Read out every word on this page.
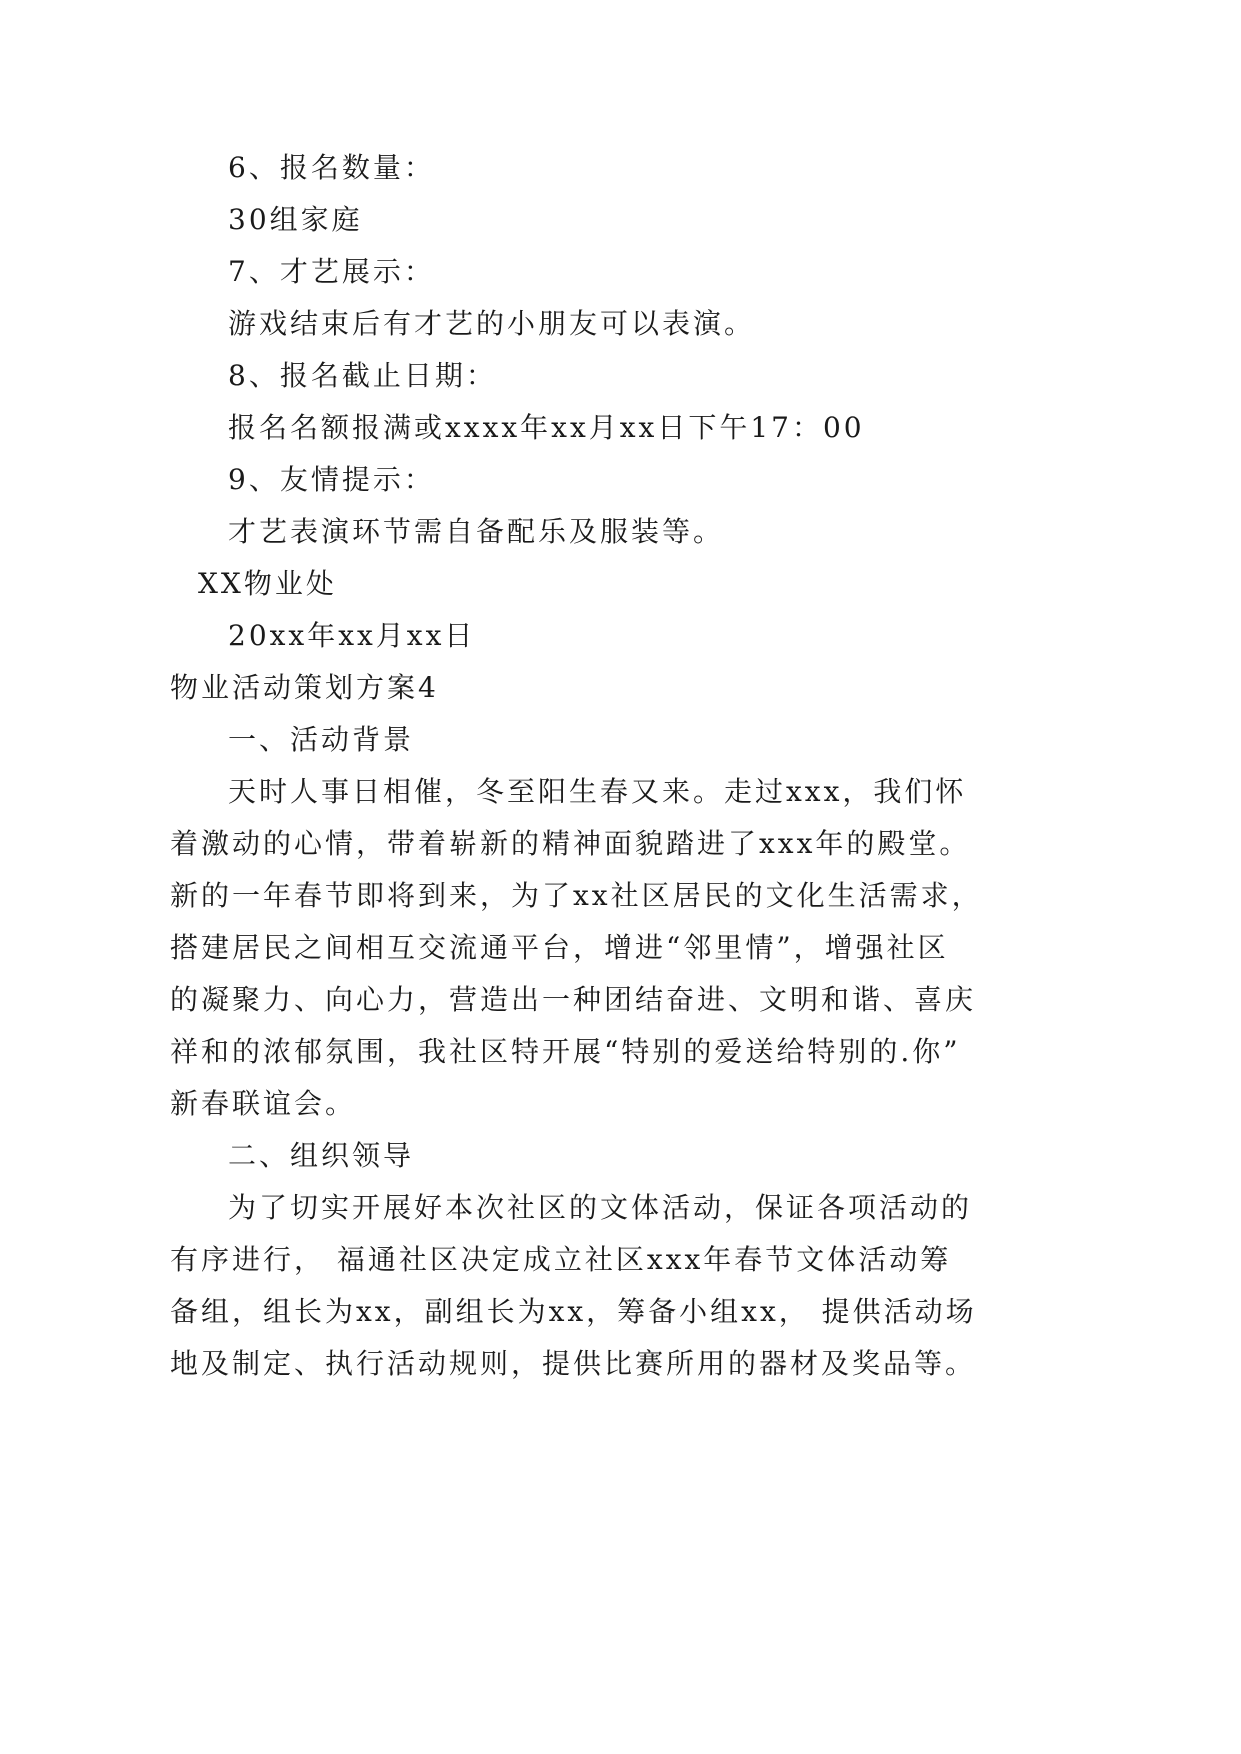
6、报名数量：

30组家庭

7、才艺展示：

游戏结束后有才艺的小朋友可以表演。

8、报名截止日期：

报名名额报满或xxxx年xx月xx日下午17：00

9、友情提示：

才艺表演环节需自备配乐及服装等。

XX物业处

20xx年xx月xx日

物业活动策划方案4

一、活动背景

天时人事日相催，冬至阳生春又来。走过xxx，我们怀

着激动的心情，带着崭新的精神面貌踏进了xxx年的殿堂。

新的一年春节即将到来，为了xx社区居民的文化生活需求，

搭建居民之间相互交流通平台，增进“邻里情”，增强社区

的凝聚力、向心力，营造出一种团结奋进、文明和谐、喜庆

祥和的浓郁氛围，我社区特开展“特别的爱送给特别的.你”

新春联谊会。

二、组织领导

为了切实开展好本次社区的文体活动，保证各项活动的

有序进行， 福通社区决定成立社区xxx年春节文体活动筹

备组，组长为xx，副组长为xx，筹备小组xx， 提供活动场

地及制定、执行活动规则，提供比赛所用的器材及奖品等。
